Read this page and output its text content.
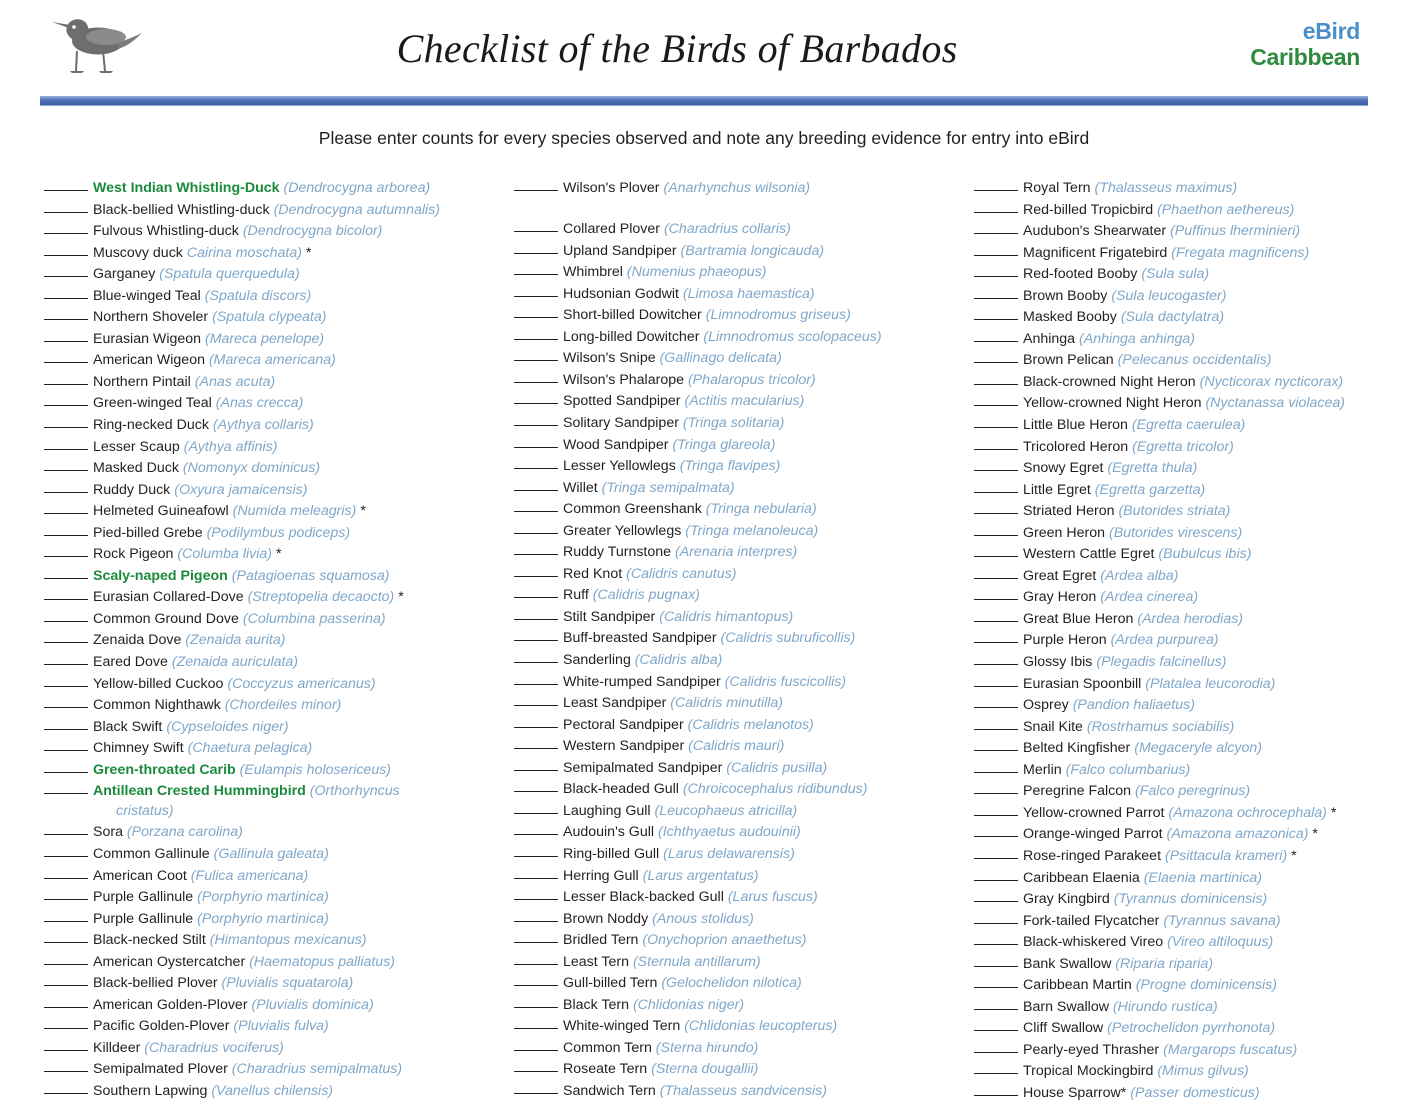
Checklist of the Birds of Barbados	eBird
Caribbean
Please enter counts for every species observed and note any breeding evidence for entry into eBird
West Indian Whistling-Duck (Dendrocygna arborea)
Black-bellied Whistling-duck (Dendrocygna autumnalis)
Fulvous Whistling-duck (Dendrocygna bicolor)
Muscovy duck Cairina moschata) *
Garganey (Spatula querquedula)
Blue-winged Teal (Spatula discors)
Northern Shoveler (Spatula clypeata)
Eurasian Wigeon (Mareca penelope)
American Wigeon (Mareca americana)
Northern Pintail (Anas acuta)
Green-winged Teal (Anas crecca)
Ring-necked Duck (Aythya collaris)
Lesser Scaup (Aythya affinis)
Masked Duck (Nomonyx dominicus)
Ruddy Duck (Oxyura jamaicensis)
Helmeted Guineafowl (Numida meleagris) *
Pied-billed Grebe (Podilymbus podiceps)
Rock Pigeon (Columba livia) *
Scaly-naped Pigeon (Patagioenas squamosa)
Eurasian Collared-Dove (Streptopelia decaocto) *
Common Ground Dove (Columbina passerina)
Zenaida Dove (Zenaida aurita)
Eared Dove (Zenaida auriculata)
Yellow-billed Cuckoo (Coccyzus americanus)
Common Nighthawk (Chordeiles minor)
Black Swift (Cypseloides niger)
Chimney Swift (Chaetura pelagica)
Green-throated Carib (Eulampis holosericeus)
Antillean Crested Hummingbird (Orthorhyncus
cristatus)
Sora (Porzana carolina)
Common Gallinule (Gallinula galeata)
American Coot (Fulica americana)
Purple Gallinule (Porphyrio martinica)
Purple Gallinule (Porphyrio martinica)
Black-necked Stilt (Himantopus mexicanus)
American Oystercatcher (Haematopus palliatus)
Black-bellied Plover (Pluvialis squatarola)
American Golden-Plover (Pluvialis dominica)
Pacific Golden-Plover (Pluvialis fulva)
Killdeer (Charadrius vociferus)
Semipalmated Plover (Charadrius semipalmatus)
Southern Lapwing (Vanellus chilensis)
Wilson's Plover (Anarhynchus wilsonia)
Collared Plover (Charadrius collaris)
Upland Sandpiper (Bartramia longicauda)
Whimbrel (Numenius phaeopus)
Hudsonian Godwit (Limosa haemastica)
Short-billed Dowitcher (Limnodromus griseus)
Long-billed Dowitcher (Limnodromus scolopaceus)
Wilson's Snipe (Gallinago delicata)
Wilson's Phalarope (Phalaropus tricolor)
Spotted Sandpiper (Actitis macularius)
Solitary Sandpiper (Tringa solitaria)
Wood Sandpiper (Tringa glareola)
Lesser Yellowlegs (Tringa flavipes)
Willet (Tringa semipalmata)
Common Greenshank (Tringa nebularia)
Greater Yellowlegs (Tringa melanoleuca)
Ruddy Turnstone (Arenaria interpres)
Red Knot (Calidris canutus)
Ruff (Calidris pugnax)
Stilt Sandpiper (Calidris himantopus)
Buff-breasted Sandpiper (Calidris subruficollis)
Sanderling (Calidris alba)
White-rumped Sandpiper (Calidris fuscicollis)
Least Sandpiper (Calidris minutilla)
Pectoral Sandpiper (Calidris melanotos)
Western Sandpiper (Calidris mauri)
Semipalmated Sandpiper (Calidris pusilla)
Black-headed Gull (Chroicocephalus ridibundus)
Laughing Gull (Leucophaeus atricilla)
Audouin's Gull (Ichthyaetus audouinii)
Ring-billed Gull (Larus delawarensis)
Herring Gull (Larus argentatus)
Lesser Black-backed Gull (Larus fuscus)
Brown Noddy (Anous stolidus)
Bridled Tern (Onychoprion anaethetus)
Least Tern (Sternula antillarum)
Gull-billed Tern (Gelochelidon nilotica)
Black Tern (Chlidonias niger)
White-winged Tern (Chlidonias leucopterus)
Common Tern (Sterna hirundo)
Roseate Tern (Sterna dougallii)
Sandwich Tern (Thalasseus sandvicensis)
Royal Tern (Thalasseus maximus)
Red-billed Tropicbird (Phaethon aethereus)
Audubon's Shearwater (Puffinus lherminieri)
Magnificent Frigatebird (Fregata magnificens)
Red-footed Booby (Sula sula)
Brown Booby (Sula leucogaster)
Masked Booby (Sula dactylatra)
Anhinga (Anhinga anhinga)
Brown Pelican (Pelecanus occidentalis)
Black-crowned Night Heron (Nycticorax nycticorax)
Yellow-crowned Night Heron (Nyctanassa violacea)
Little Blue Heron (Egretta caerulea)
Tricolored Heron (Egretta tricolor)
Snowy Egret (Egretta thula)
Little Egret (Egretta garzetta)
Striated Heron (Butorides striata)
Green Heron (Butorides virescens)
Western Cattle Egret (Bubulcus ibis)
Great Egret (Ardea alba)
Gray Heron (Ardea cinerea)
Great Blue Heron (Ardea herodias)
Purple Heron (Ardea purpurea)
Glossy Ibis (Plegadis falcinellus)
Eurasian Spoonbill (Platalea leucorodia)
Osprey (Pandion haliaetus)
Snail Kite (Rostrhamus sociabilis)
Belted Kingfisher (Megaceryle alcyon)
Merlin (Falco columbarius)
Peregrine Falcon (Falco peregrinus)
Yellow-crowned Parrot (Amazona ochrocephala) *
Orange-winged Parrot (Amazona amazonica) *
Rose-ringed Parakeet (Psittacula krameri) *
Caribbean Elaenia (Elaenia martinica)
Gray Kingbird (Tyrannus dominicensis)
Fork-tailed Flycatcher (Tyrannus savana)
Black-whiskered Vireo (Vireo altiloquus)
Bank Swallow (Riparia riparia)
Caribbean Martin (Progne dominicensis)
Barn Swallow (Hirundo rustica)
Cliff Swallow (Petrochelidon pyrrhonota)
Pearly-eyed Thrasher (Margarops fuscatus)
Tropical Mockingbird (Mimus gilvus)
House Sparrow* (Passer domesticus)
